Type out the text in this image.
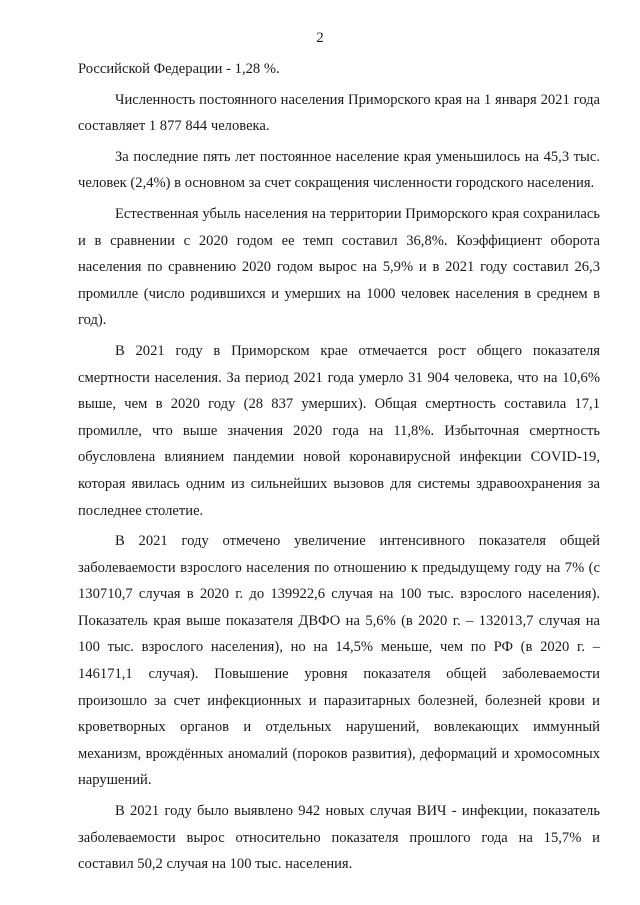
2

Российской Федерации - 1,28 %.

Численность постоянного населения Приморского края на 1 января 2021 года составляет 1 877 844 человека.

За последние пять лет постоянное население края уменьшилось на 45,3 тыс. человек (2,4%) в основном за счет сокращения численности городского населения.

Естественная убыль населения на территории Приморского края сохранилась и в сравнении с 2020 годом ее темп составил 36,8%. Коэффициент оборота населения по сравнению 2020 годом вырос на 5,9% и в 2021 году составил 26,3 промилле (число родившихся и умерших на 1000 человек населения в среднем в год).

В 2021 году в Приморском крае отмечается рост общего показателя смертности населения. За период 2021 года умерло 31 904 человека, что на 10,6% выше, чем в 2020 году (28 837 умерших). Общая смертность составила 17,1 промилле, что выше значения 2020 года на 11,8%. Избыточная смертность обусловлена влиянием пандемии новой коронавирусной инфекции COVID-19, которая явилась одним из сильнейших вызовов для системы здравоохранения за последнее столетие.

В 2021 году отмечено увеличение интенсивного показателя общей заболеваемости взрослого населения по отношению к предыдущему году на 7% (с 130710,7 случая в 2020 г. до 139922,6 случая на 100 тыс. взрослого населения). Показатель края выше показателя ДВФО на 5,6% (в 2020 г. – 132013,7 случая на 100 тыс. взрослого населения), но на 14,5% меньше, чем по РФ (в 2020 г. – 146171,1 случая). Повышение уровня показателя общей заболеваемости произошло за счет инфекционных и паразитарных болезней, болезней крови и кроветворных органов и отдельных нарушений, вовлекающих иммунный механизм, врождённых аномалий (пороков развития), деформаций и хромосомных нарушений.

В 2021 году было выявлено 942 новых случая ВИЧ - инфекции, показатель заболеваемости вырос относительно показателя прошлого года на 15,7% и составил 50,2 случая на 100 тыс. населения.
